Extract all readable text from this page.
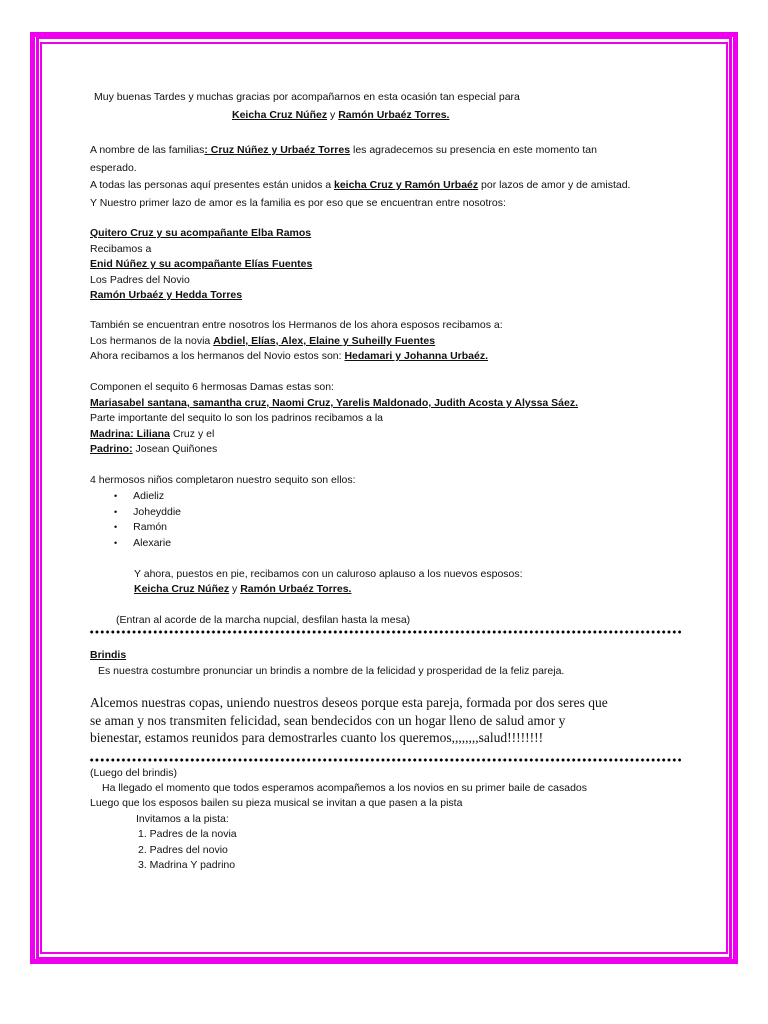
Muy buenas Tardes y muchas gracias por acompañarnos en esta ocasión tan especial para
Keicha Cruz Núñez y Ramón Urbaéz Torres.
A nombre de las familias: Cruz Núñez y Urbaéz Torres les agradecemos su presencia en este momento tan
esperado.
A todas las personas aquí presentes están unidos a keicha Cruz y Ramón Urbaéz por lazos de amor y de amistad.
Y Nuestro primer lazo de amor es la familia es por eso que se encuentran entre nosotros:
Quitero Cruz y su acompañante Elba Ramos
Recibamos a
Enid Núñez y su acompañante Elías Fuentes
Los Padres del Novio
Ramón Urbaéz y Hedda Torres
También se encuentran entre nosotros los Hermanos de los ahora esposos recibamos a:
Los hermanos de la novia Abdiel, Elías, Alex, Elaine y Suheilly Fuentes
Ahora recibamos a los hermanos del Novio estos son: Hedamari y Johanna Urbaéz.
Componen el sequito 6 hermosas Damas estas son:
Mariasabel santana, samantha cruz, Naomi Cruz, Yarelis Maldonado, Judith Acosta y Alyssa Sáez.
Parte importante del sequito lo son los padrinos recibamos a la
Madrina: Liliana Cruz y el
Padrino: Josean Quiñones
4 hermosos niños completaron nuestro sequito son ellos:
• Adieliz
• Joheyddie
• Ramón
• Alexarie
Y ahora, puestos en pie, recibamos con un caluroso aplauso a los nuevos esposos:
Keicha Cruz Núñez y Ramón Urbaéz Torres.
(Entran al acorde de la marcha nupcial, desfilan hasta la mesa)
Brindis
Es nuestra costumbre pronunciar un brindis a nombre de la felicidad y prosperidad de la feliz pareja.
Alcemos nuestras copas, uniendo nuestros deseos porque esta pareja, formada por dos seres que
se aman y nos transmiten felicidad, sean bendecidos con un hogar lleno de salud amor y
bienestar, estamos reunidos para demostrarles cuanto los queremos,,,,,,,,salud!!!!!!!!
(Luego del brindis)
Ha llegado el momento que todos esperamos acompañemos a los novios en su primer baile de casados
Luego que los esposos bailen su pieza musical se invitan a que pasen a la pista
Invitamos a la pista:
1. Padres de la novia
2. Padres del novio
3. Madrina Y padrino
